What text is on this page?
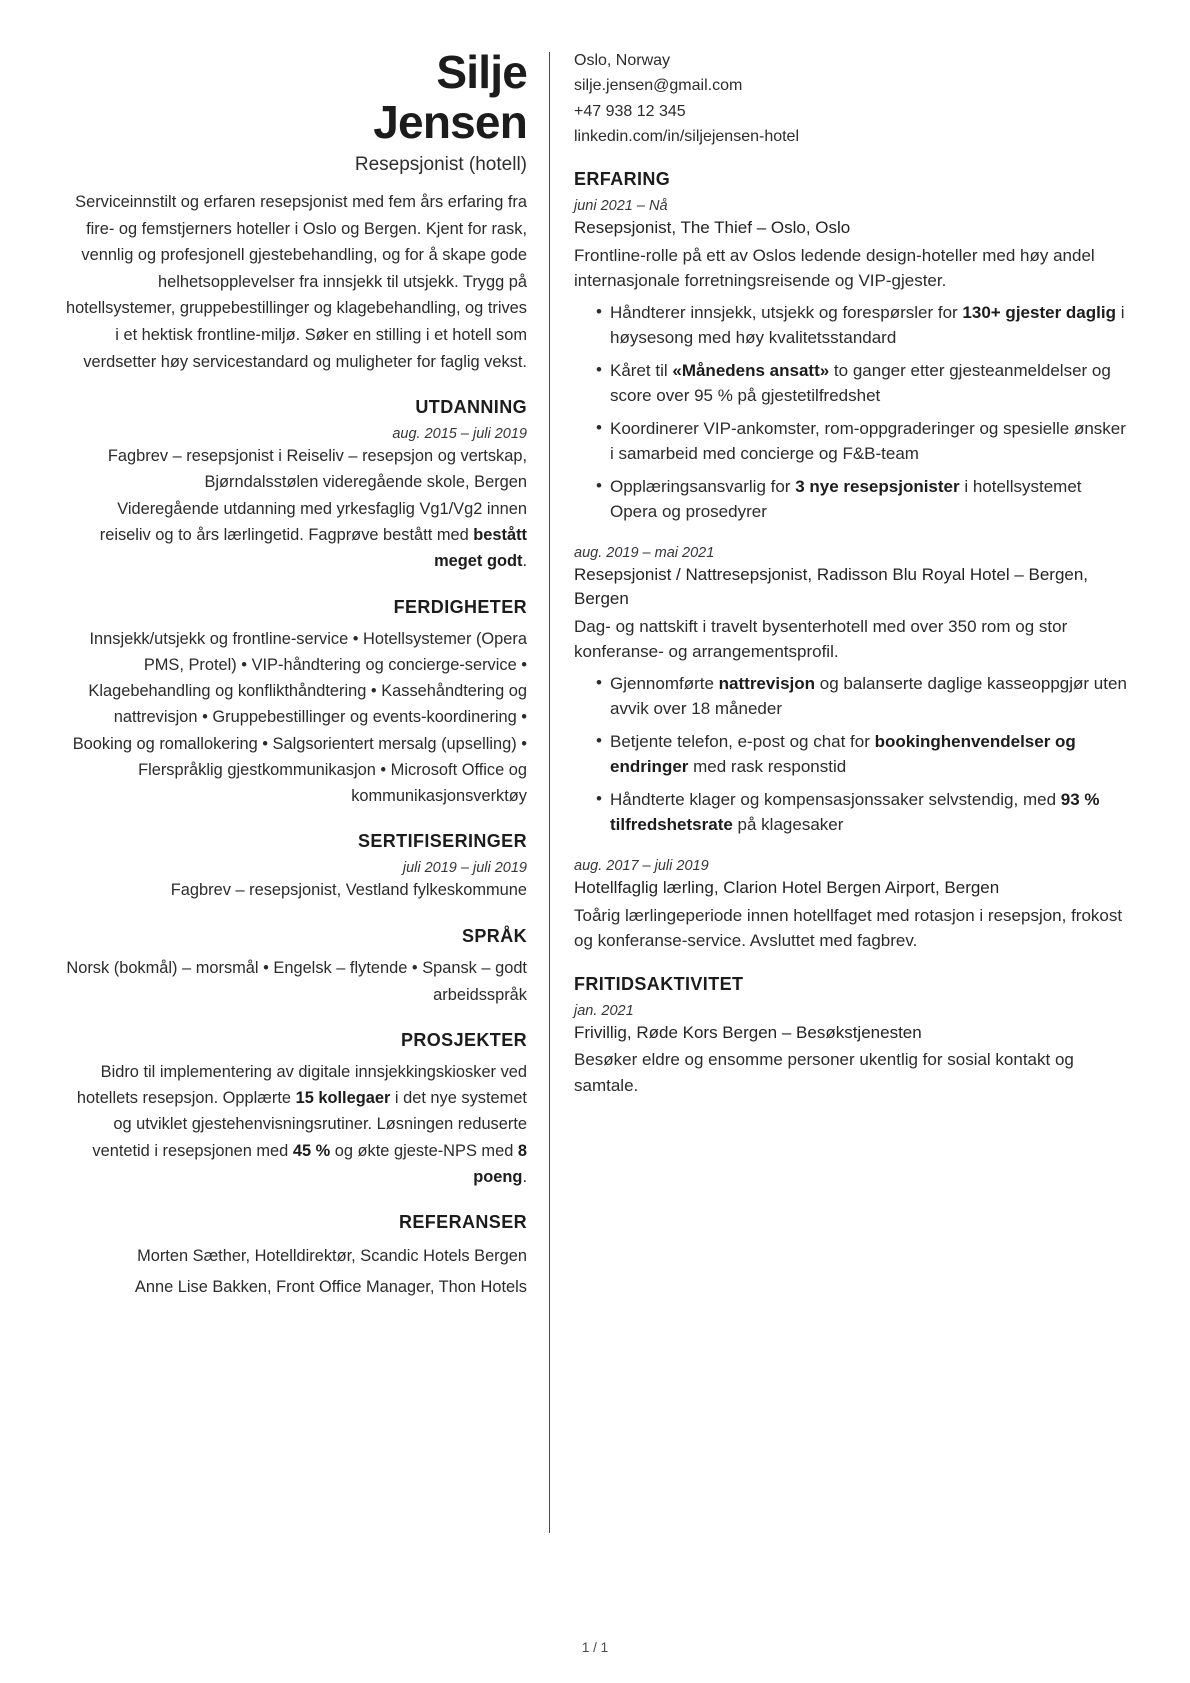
Silje
Jensen
Resepsjonist (hotell)

Serviceinnstilt og erfaren resepsjonist med fem års erfaring fra fire- og femstjerners hoteller i Oslo og Bergen. Kjent for rask, vennlig og profesjonell gjestebehandling, og for å skape gode helhetsopplevelser fra innsjekk til utsjekk. Trygg på hotellsystemer, gruppebestillinger og klagebehandling, og trives i et hektisk frontline-miljø. Søker en stilling i et hotell som verdsetter høy servicestandard og muligheter for faglig vekst.

UTDANNING
aug. 2015 – juli 2019
Fagbrev – resepsjonist i Reiseliv – resepsjon og vertskap,
Bjørndalsstølen videregående skole, Bergen
Videregående utdanning med yrkesfaglig Vg1/Vg2 innen reiseliv og to års lærlingetid. Fagprøve bestått med bestått meget godt.
FERDIGHETER
Innsjekk/utsjekk og frontline-service • Hotellsystemer (Opera PMS, Protel) • VIP-håndtering og concierge-service • Klagebehandling og konflikthåndtering • Kassehåndtering og nattrevisjon • Gruppebestillinger og events-koordinering • Booking og romallokering • Salgsorientert mersalg (upselling) • Flerspråklig gjestkommunikasjon • Microsoft Office og kommunikasjonsverktøy
SERTIFISERINGER
juli 2019 – juli 2019
Fagbrev – resepsjonist, Vestland fylkeskommune
SPRÅK
Norsk (bokmål) – morsmål • Engelsk – flytende • Spansk – godt arbeidsspråk
PROSJEKTER
Bidro til implementering av digitale innsjekkingskiosker ved hotellets resepsjon. Opplærte 15 kollegaer i det nye systemet og utviklet gjestehenvisningsrutiner. Løsningen reduserte ventetid i resepsjonen med 45 % og økte gjeste-NPS med 8 poeng.
REFERANSER
Morten Sæther, Hotelldirektør, Scandic Hotels Bergen
Anne Lise Bakken, Front Office Manager, Thon Hotels
Oslo, Norway
silje.jensen@gmail.com
+47 938 12 345
linkedin.com/in/siljejensen-hotel
ERFARING
juni 2021 – Nå
Resepsjonist, The Thief – Oslo, Oslo
Frontline-rolle på ett av Oslos ledende design-hoteller med høy andel internasjonale forretningsreisende og VIP-gjester.
• Håndterer innsjekk, utsjekk og forespørsler for 130+ gjester daglig i høysesong med høy kvalitetsstandard
• Kåret til «Månedens ansatt» to ganger etter gjesteanmeldelser og score over 95 % på gjestetilfredshet
• Koordinerer VIP-ankomster, rom-oppgraderinger og spesielle ønsker i samarbeid med concierge og F&B-team
• Opplæringsansvarlig for 3 nye resepsjonister i hotellsystemet Opera og prosedyrer
aug. 2019 – mai 2021
Resepsjonist / Nattresepsjonist, Radisson Blu Royal Hotel – Bergen, Bergen
Dag- og nattskift i travelt bysenterhotell med over 350 rom og stor konferanse- og arrangementsprofil.
• Gjennomførte nattrevisjon og balanserte daglige kasseoppgjør uten avvik over 18 måneder
• Betjente telefon, e-post og chat for bookinghenvendelser og endringer med rask responstid
• Håndterte klager og kompensasjonssaker selvstendig, med 93 % tilfredshetsrate på klagesaker
aug. 2017 – juli 2019
Hotellfaglig lærling, Clarion Hotel Bergen Airport, Bergen
Toårig lærlingeperiode innen hotellfaget med rotasjon i resepsjon, frokost og konferanse-service. Avsluttet med fagbrev.
FRITIDSAKTIVITET
jan. 2021
Frivillig, Røde Kors Bergen – Besøkstjenesten
Besøker eldre og ensomme personer ukentlig for sosial kontakt og samtale.
1 / 1
